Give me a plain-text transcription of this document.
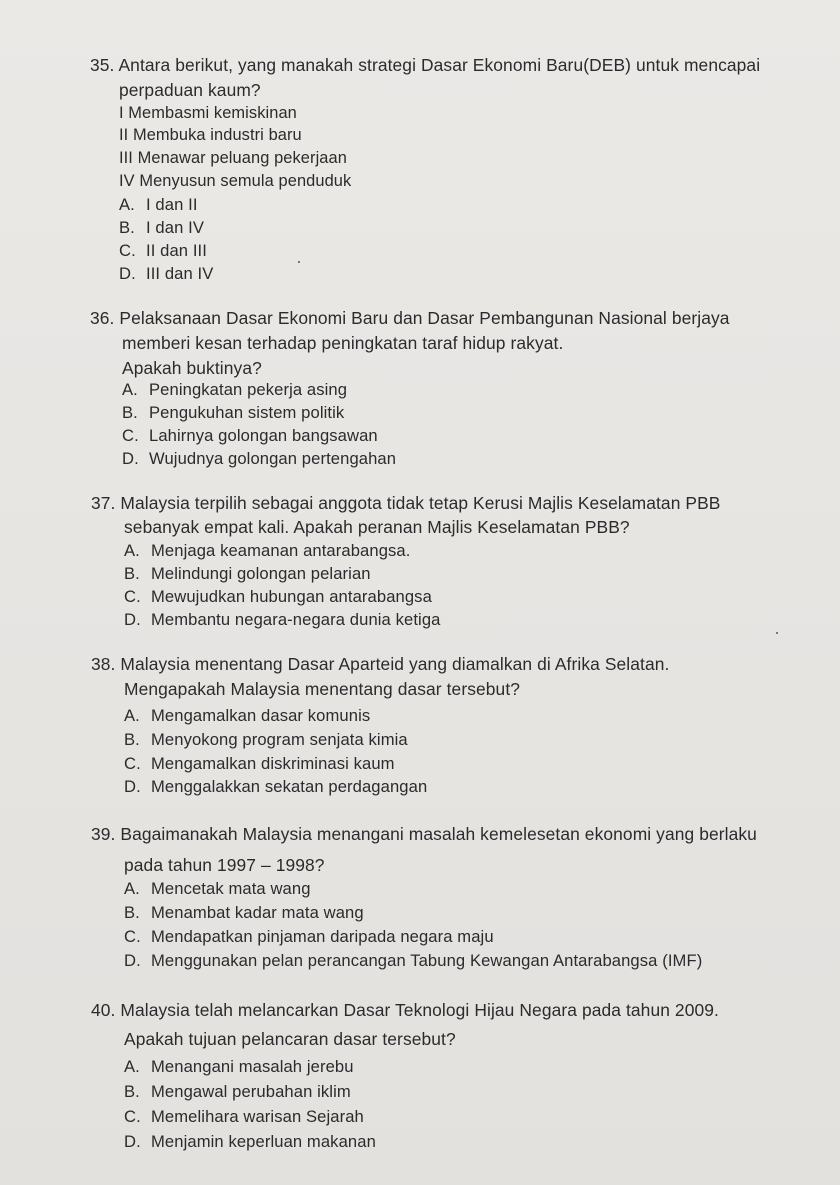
35. Antara berikut, yang manakah strategi Dasar Ekonomi Baru(DEB) untuk mencapai
perpaduan kaum?
I Membasmi kemiskinan
II Membuka industri baru
III Menawar peluang pekerjaan
IV Menyusun semula penduduk
A. I dan II
B. I dan IV
C. II dan III
D. III dan IV
36. Pelaksanaan Dasar Ekonomi Baru dan Dasar Pembangunan Nasional berjaya
memberi kesan terhadap peningkatan taraf hidup rakyat.
Apakah buktinya?
A. Peningkatan pekerja asing
B. Pengukuhan sistem politik
C. Lahirnya golongan bangsawan
D. Wujudnya golongan pertengahan
37. Malaysia terpilih sebagai anggota tidak tetap Kerusi Majlis Keselamatan PBB
sebanyak empat kali. Apakah peranan Majlis Keselamatan PBB?
A. Menjaga keamanan antarabangsa.
B. Melindungi golongan pelarian
C. Mewujudkan hubungan antarabangsa
D. Membantu negara-negara dunia ketiga
38. Malaysia menentang Dasar Aparteid yang diamalkan di Afrika Selatan.
Mengapakah Malaysia menentang dasar tersebut?
A. Mengamalkan dasar komunis
B. Menyokong program senjata kimia
C. Mengamalkan diskriminasi kaum
D. Menggalakkan sekatan perdagangan
39. Bagaimanakah Malaysia menangani masalah kemelesetan ekonomi yang berlaku
pada tahun 1997 – 1998?
A. Mencetak mata wang
B. Menambat kadar mata wang
C. Mendapatkan pinjaman daripada negara maju
D. Menggunakan pelan perancangan Tabung Kewangan Antarabangsa (IMF)
40. Malaysia telah melancarkan Dasar Teknologi Hijau Negara pada tahun 2009.
Apakah tujuan pelancaran dasar tersebut?
A. Menangani masalah jerebu
B. Mengawal perubahan iklim
C. Memelihara warisan Sejarah
D. Menjamin keperluan makanan
